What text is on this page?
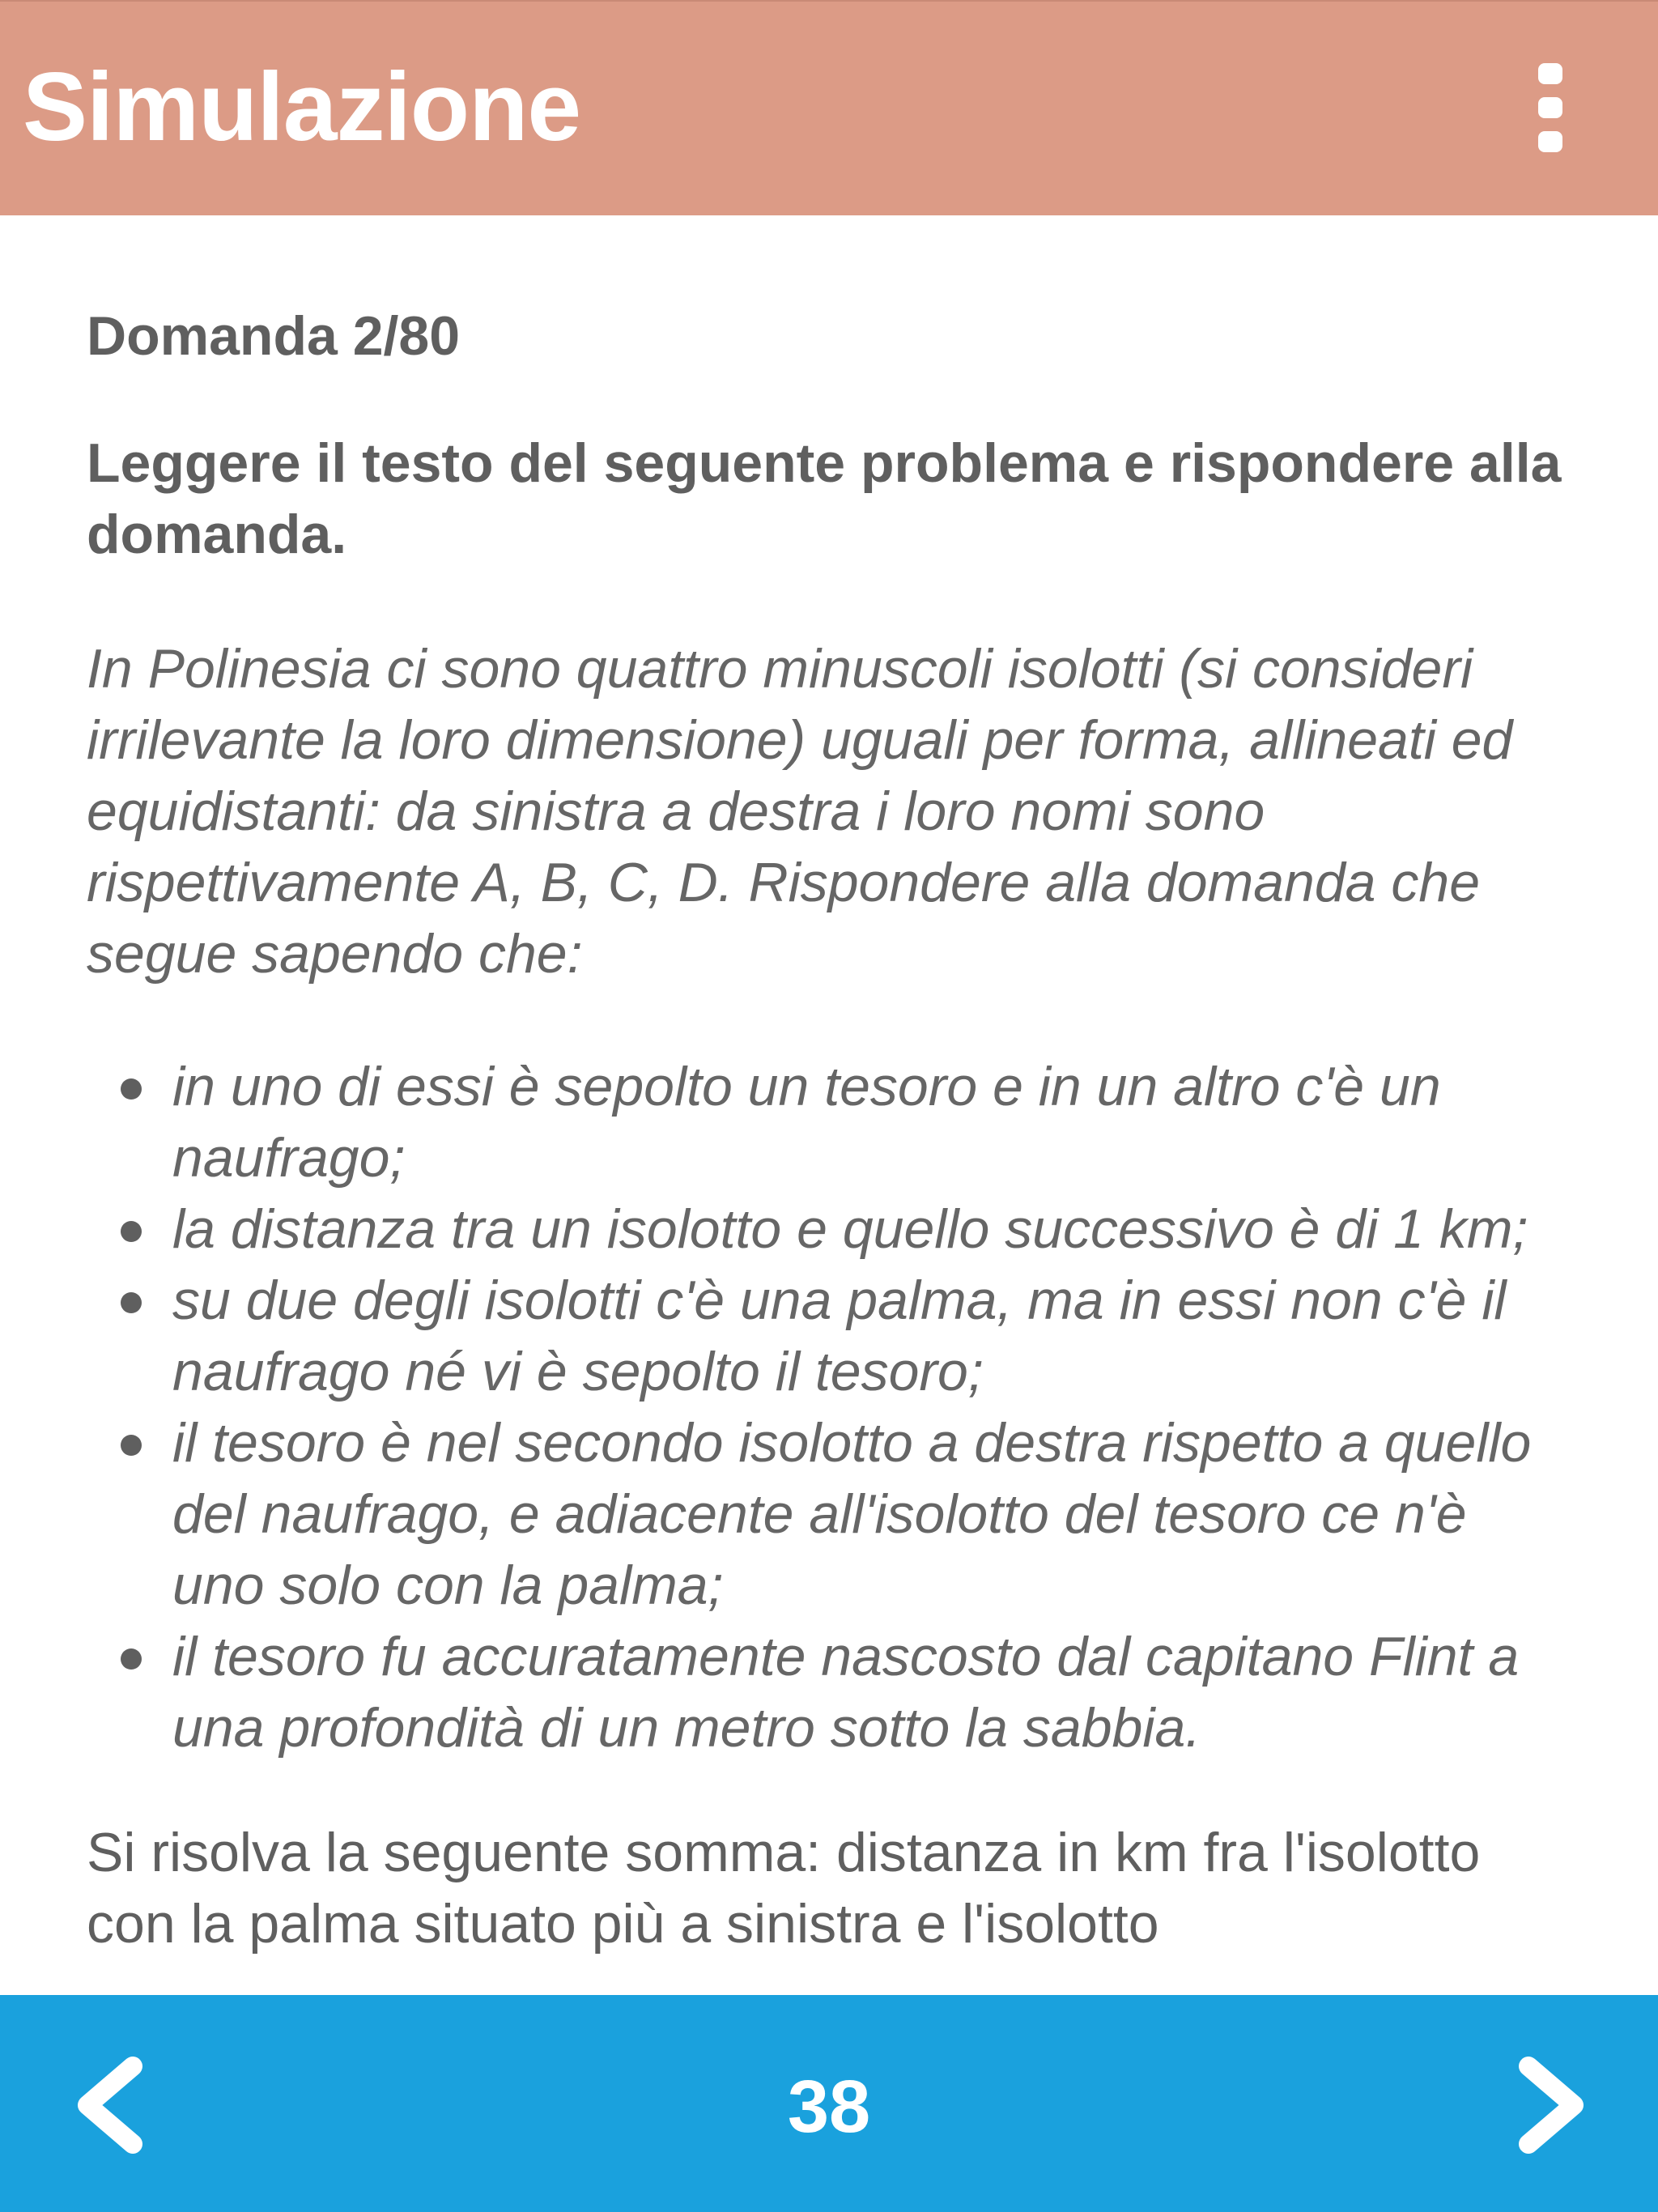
Simulazione
Domanda 2/80
Leggere il testo del seguente problema e rispondere alla domanda.
In Polinesia ci sono quattro minuscoli isolotti (si consideri irrilevante la loro dimensione) uguali per forma, allineati ed equidistanti: da sinistra a destra i loro nomi sono rispettivamente A, B, C, D. Rispondere alla domanda che segue sapendo che:
in uno di essi è sepolto un tesoro e in un altro c'è un naufrago;
la distanza tra un isolotto e quello successivo è di 1 km;
su due degli isolotti c'è una palma, ma in essi non c'è il naufrago né vi è sepolto il tesoro;
il tesoro è nel secondo isolotto a destra rispetto a quello del naufrago, e adiacente all'isolotto del tesoro ce n'è uno solo con la palma;
il tesoro fu accuratamente nascosto dal capitano Flint a una profondità di un metro sotto la sabbia.
Si risolva la seguente somma: distanza in km fra l'isolotto con la palma situato più a sinistra e l'isolotto
38
